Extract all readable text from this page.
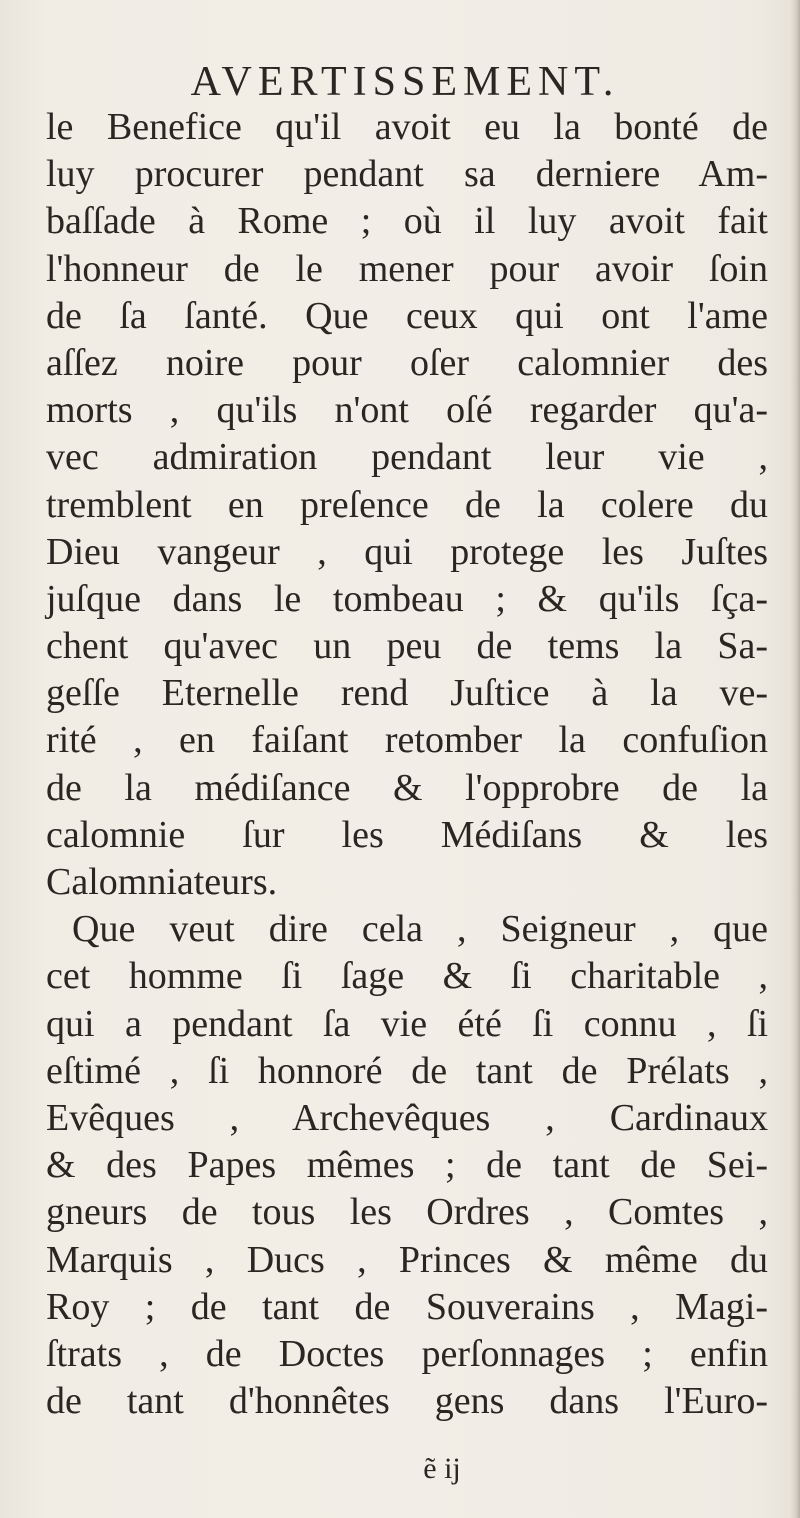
AVERTISSEMENT.
le Benefice qu'il avoit eu la bonté de
luy procurer pendant sa derniere Am-
baſſade à Rome ; où il luy avoit fait
l'honneur de le mener pour avoir ſoin
de ſa ſanté. Que ceux qui ont l'ame
aſſez noire pour oſer calomnier des
morts , qu'ils n'ont oſé regarder qu'a-
vec admiration pendant leur vie ,
tremblent en preſence de la colere du
Dieu vangeur , qui protege les Juſtes
juſque dans le tombeau ; & qu'ils ſça-
chent qu'avec un peu de tems la Sa-
geſſe Eternelle rend Juſtice à la ve-
rité , en faiſant retomber la confuſion
de la médiſance & l'opprobre de la
calomnie ſur les Médiſans & les
Calomniateurs.
Que veut dire cela , Seigneur , que
cet homme ſi ſage & ſi charitable ,
qui a pendant ſa vie été ſi connu , ſi
eſtimé , ſi honnoré de tant de Prélats ,
Evêques , Archevêques , Cardinaux
& des Papes mêmes ; de tant de Sei-
gneurs de tous les Ordres , Comtes ,
Marquis , Ducs , Princes & même du
Roy ; de tant de Souverains , Magi-
ſtrats , de Doctes perſonnages ; enfin
de tant d'honnêtes gens dans l'Euro-
ẽ ij
